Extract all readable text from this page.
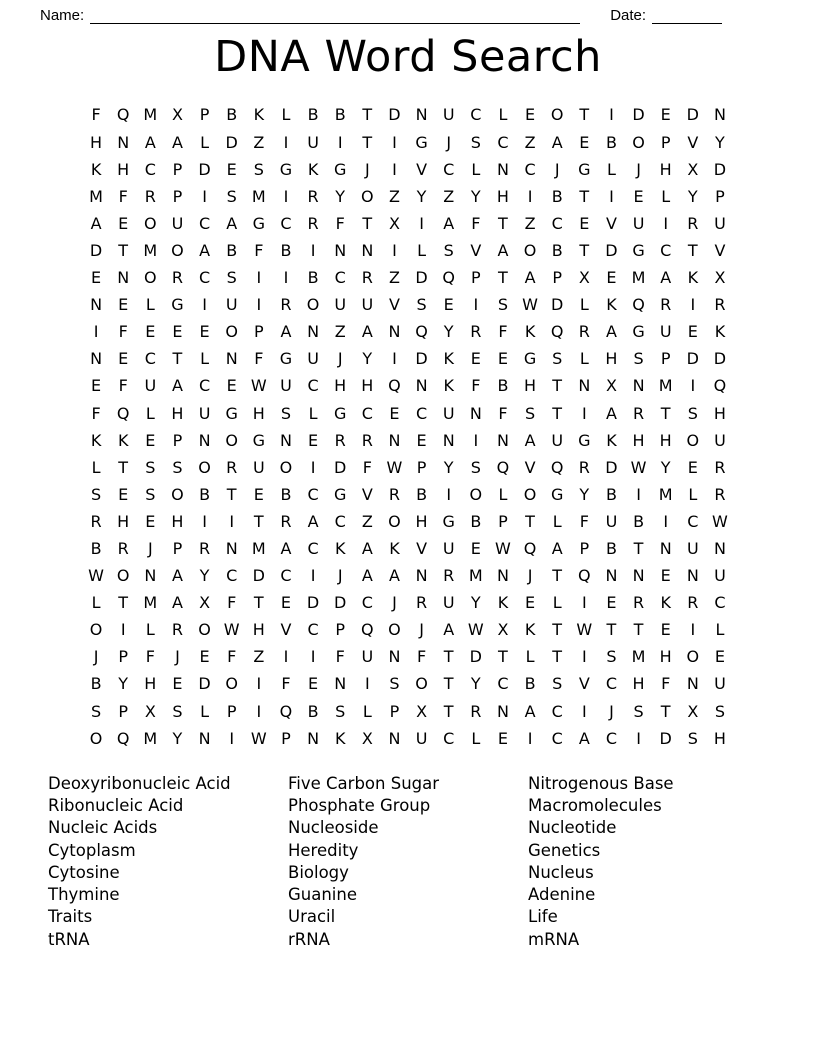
Name:	Date:
DNA Word Search
F	Q M X	P	B	K	L	B	B	T	D N U C	L	E O T	I	D E D N
H N A	A	L	D Z	I	U	I	T	I	G	J	S	C	Z	A	E	B O	P	V	Y
K H C	P	D E	S G K G	J	I	V	C	L	N C	J	G	L	J	H X D
M F	R	P	I	S M	I	R	Y O Z	Y	Z	Y	H	I	B	T	I	E	L	Y	P
A	E O U C	A G C R	F	T	X	I	A	F	T	Z	C	E	V U	I	R U
D	T M O A	B	F	B	I	N N	I	L	S	V	A O B	T	D G C	T	V
E	N O R C	S	I	I	B	C R	Z D Q	P	T	A	P	X	E M A	K	X
N	E	L	G	I	U	I	R O U U V	S	E	I	S W D	L	K Q R	I	R
I	F	E	E	E O	P	A N Z	A N Q Y	R	F	K Q R	A G U	E	K
N	E	C	T	L	N	F	G U	J	Y	I	D K	E	E G S	L	H	S	P	D D
E	F	U A	C	E W U C H H Q N K	F	B H	T	N X N M	I	Q
F	Q	L	H U G H	S	L	G C	E	C U N	F	S	T	I	A	R	T	S	H
K	K	E	P	N O G N	E	R	R N	E	N	I	N A U G K H H O U
L	T	S	S O R U O	I	D	F W P	Y	S Q V Q R D W Y	E	R
S	E	S O B	T	E	B	C G V	R	B	I	O	L	O G	Y	B	I	M L	R
R H	E	H	I	I	T	R	A	C	Z O H G B	P	T	L	F	U B	I	C W
B	R	J	P	R N M A	C	K	A	K	V U	E W Q A	P	B	T	N U N
W O N A	Y	C D C	I	J	A	A N R M N	J	T Q N N	E	N U
L	T M A	X	F	T	E D D C	J	R U	Y	K	E	L	I	E	R	K	R C
O	I	L	R O W H V	C	P	Q O	J	A W X	K	T W T	T	E	I	L
J	P	F	J	E	F	Z	I	I	F	U N	F	T	D	T	L	T	I	S M H O E
B	Y	H	E D O	I	F	E	N	I	S O T	Y	C	B	S	V	C H	F	N U
S	P	X	S	L	P	I	Q B	S	L	P	X	T	R N A	C	I	J	S	T	X	S
O Q M Y	N	I	W P	N K	X N U C	L	E	I	C	A	C	I	D S	H
Deoxyribonucleic Acid
Ribonucleic Acid
Nucleic Acids
Cytoplasm
Cytosine
Thymine
Traits
tRNA
Five Carbon Sugar
Phosphate Group
Nucleoside
Heredity
Biology
Guanine
Uracil
rRNA
Nitrogenous Base
Macromolecules
Nucleotide
Genetics
Nucleus
Adenine
Life
mRNA
